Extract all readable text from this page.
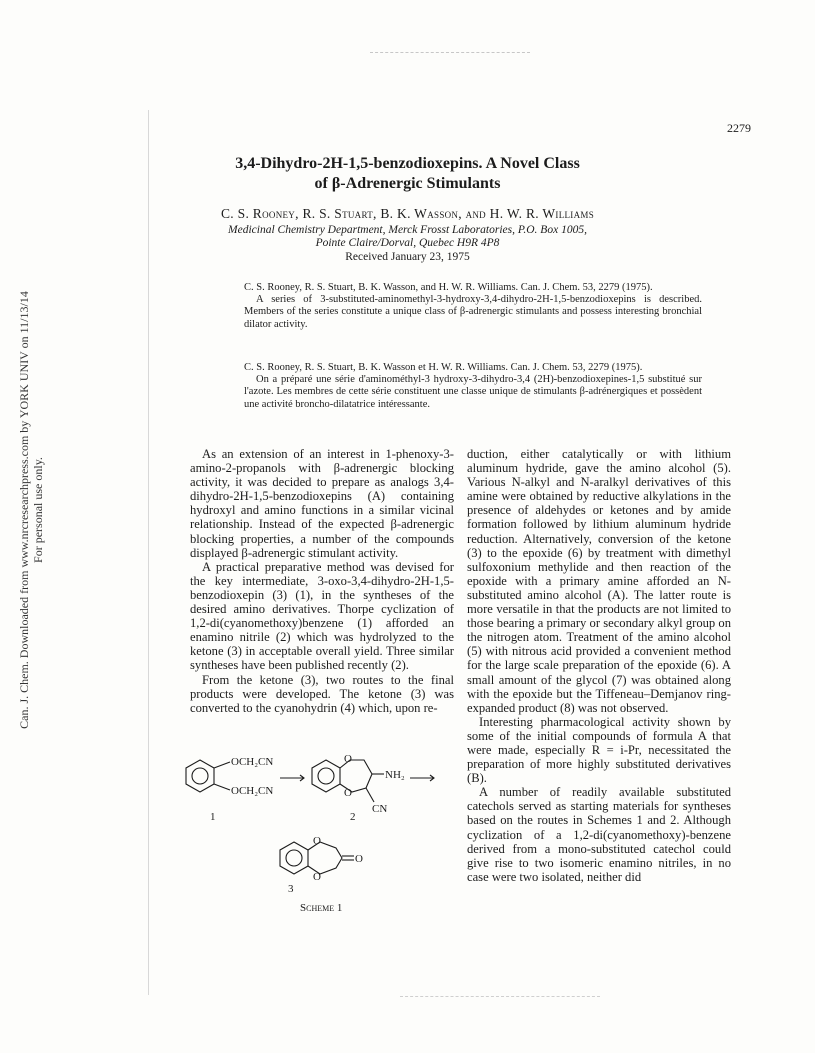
Can. J. Chem. Downloaded from www.nrcresearchpress.com by YORK UNIV on 11/13/14 For personal use only.
2279
3,4-Dihydro-2H-1,5-benzodioxepins. A Novel Class
of β-Adrenergic Stimulants
C. S. Rooney, R. S. Stuart, B. K. Wasson, and H. W. R. Williams
Medicinal Chemistry Department, Merck Frosst Laboratories, P.O. Box 1005,
Pointe Claire/Dorval, Quebec H9R 4P8
Received January 23, 1975

C. S. Rooney, R. S. Stuart, B. K. Wasson, and H. W. R. Williams. Can. J. Chem. 53, 2279 (1975).

A series of 3-substituted-aminomethyl-3-hydroxy-3,4-dihydro-2H-1,5-benzodioxepins is described. Members of the series constitute a unique class of β-adrenergic stimulants and possess interesting bronchial dilator activity.

C. S. Rooney, R. S. Stuart, B. K. Wasson et H. W. R. Williams. Can. J. Chem. 53, 2279 (1975).

On a préparé une série d'aminométhyl-3 hydroxy-3-dihydro-3,4 (2H)-benzodioxepines-1,5 substitué sur l'azote. Les membres de cette série constituent une classe unique de stimulants β-adrénergiques et possèdent une activité broncho-dilatatrice intéressante.

As an extension of an interest in 1-phenoxy-3-amino-2-propanols with β-adrenergic blocking activity, it was decided to prepare as analogs 3,4-dihydro-2H-1,5-benzodioxepins (A) containing hydroxyl and amino functions in a similar vicinal relationship. Instead of the expected β-adrenergic blocking properties, a number of the compounds displayed β-adrenergic stimulant activity.

A practical preparative method was devised for the key intermediate, 3-oxo-3,4-dihydro-2H-1,5-benzodioxepin (3) (1), in the syntheses of the desired amino derivatives. Thorpe cyclization of 1,2-di(cyanomethoxy)benzene (1) afforded an enamino nitrile (2) which was hydrolyzed to the ketone (3) in acceptable overall yield. Three similar syntheses have been published recently (2).

From the ketone (3), two routes to the final products were developed. The ketone (3) was converted to the cyanohydrin (4) which, upon re-

duction, either catalytically or with lithium aluminum hydride, gave the amino alcohol (5). Various N-alkyl and N-aralkyl derivatives of this amine were obtained by reductive alkylations in the presence of aldehydes or ketones and by amide formation followed by lithium aluminum hydride reduction. Alternatively, conversion of the ketone (3) to the epoxide (6) by treatment with dimethyl sulfoxonium methylide and then reaction of the epoxide with a primary amine afforded an N-substituted amino alcohol (A). The latter route is more versatile in that the products are not limited to those bearing a primary or secondary alkyl group on the nitrogen atom. Treatment of the amino alcohol (5) with nitrous acid provided a convenient method for the large scale preparation of the epoxide (6). A small amount of the glycol (7) was obtained along with the epoxide but the Tiffeneau–Demjanov ring-expanded product (8) was not observed.

Interesting pharmacological activity shown by some of the initial compounds of formula A that were made, especially R = i-Pr, necessitated the preparation of more highly substituted derivatives (B).

A number of readily available substituted catechols served as starting materials for syntheses based on the routes in Schemes 1 and 2. Although cyclization of a 1,2-di(cyanomethoxy)-benzene derived from a mono-substituted catechol could give rise to two isomeric enamino nitriles, in no case were two isolated, neither did

OCH₂CN
OCH₂CN
O
O
NH₂
CN
O
O
O
1	2
3
Scheme 1
